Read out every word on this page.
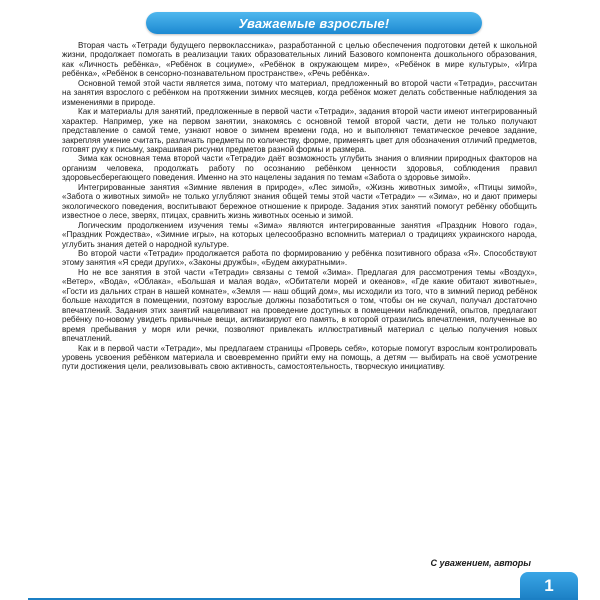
Уважаемые взрослые!

Вторая часть «Тетради будущего первоклассника», разработанной с целью обеспечения подготовки детей к школьной жизни, продолжает помогать в реализации таких образовательных линий Базового компонента дошкольного образования, как «Личность ребёнка», «Ребёнок в социуме», «Ребёнок в окружающем мире», «Ребёнок в мире культуры», «Игра ребёнка», «Ребёнок в сенсорно-познавательном пространстве», «Речь ребёнка».

Основной темой этой части является зима, потому что материал, предложенный во второй части «Тетради», рассчитан на занятия взрослого с ребёнком на протяжении зимних месяцев, когда ребёнок может делать собственные наблюдения за изменениями в природе.

Как и материалы для занятий, предложенные в первой части «Тетради», задания второй части имеют интегрированный характер. Например, уже на первом занятии, знакомясь с основной темой второй части, дети не только получают представление о самой теме, узнают новое о зимнем времени года, но и выполняют тематическое речевое задание, закрепляя умение считать, различать предметы по количеству, форме, применять цвет для обозначения отличий предметов, готовят руку к письму, закрашивая рисунки предметов разной формы и размера.

Зима как основная тема второй части «Тетради» даёт возможность углубить знания о влиянии природных факторов на организм человека, продолжать работу по осознанию ребёнком ценности здоровья, соблюдения правил здоровьесберегающего поведения. Именно на это нацелены задания по темам «Забота о здоровье зимой».

Интегрированные занятия «Зимние явления в природе», «Лес зимой», «Жизнь животных зимой», «Птицы зимой», «Забота о животных зимой» не только углубляют знания общей темы этой части «Тетради» — «Зима», но и дают примеры экологического поведения, воспитывают бережное отношение к природе. Задания этих занятий помогут ребёнку обобщить известное о лесе, зверях, птицах, сравнить жизнь животных осенью и зимой.

Логическим продолжением изучения темы «Зима» являются интегрированные занятия «Праздник Нового года», «Праздник Рождества», «Зимние игры», на которых целесообразно вспомнить материал о традициях украинского народа, углубить знания детей о народной культуре.

Во второй части «Тетради» продолжается работа по формированию у ребёнка позитивного образа «Я». Способствуют этому занятия «Я среди других», «Законы дружбы», «Будем аккуратными».

Но не все занятия в этой части «Тетради» связаны с темой «Зима». Предлагая для рассмотрения темы «Воздух», «Ветер», «Вода», «Облака», «Большая и малая вода», «Обитатели морей и океанов», «Где какие обитают животные», «Гости из дальних стран в нашей комнате», «Земля — наш общий дом», мы исходили из того, что в зимний период ребёнок больше находится в помещении, поэтому взрослые должны позаботиться о том, чтобы он не скучал, получал достаточно впечатлений. Задания этих занятий нацеливают на проведение доступных в помещении наблюдений, опытов, предлагают ребёнку по-новому увидеть привычные вещи, активизируют его память, в которой отразились впечатления, полученные во время пребывания у моря или речки, позволяют привлекать иллюстративный материал с целью получения новых впечатлений.

Как и в первой части «Тетради», мы предлагаем страницы «Проверь себя», которые помогут взрослым контролировать уровень усвоения ребёнком материала и своевременно прийти ему на помощь, а детям — выбирать на своё усмотрение пути достижения цели, реализовывать свою активность, самостоятельность, творческую инициативу.

С уважением, авторы
1
